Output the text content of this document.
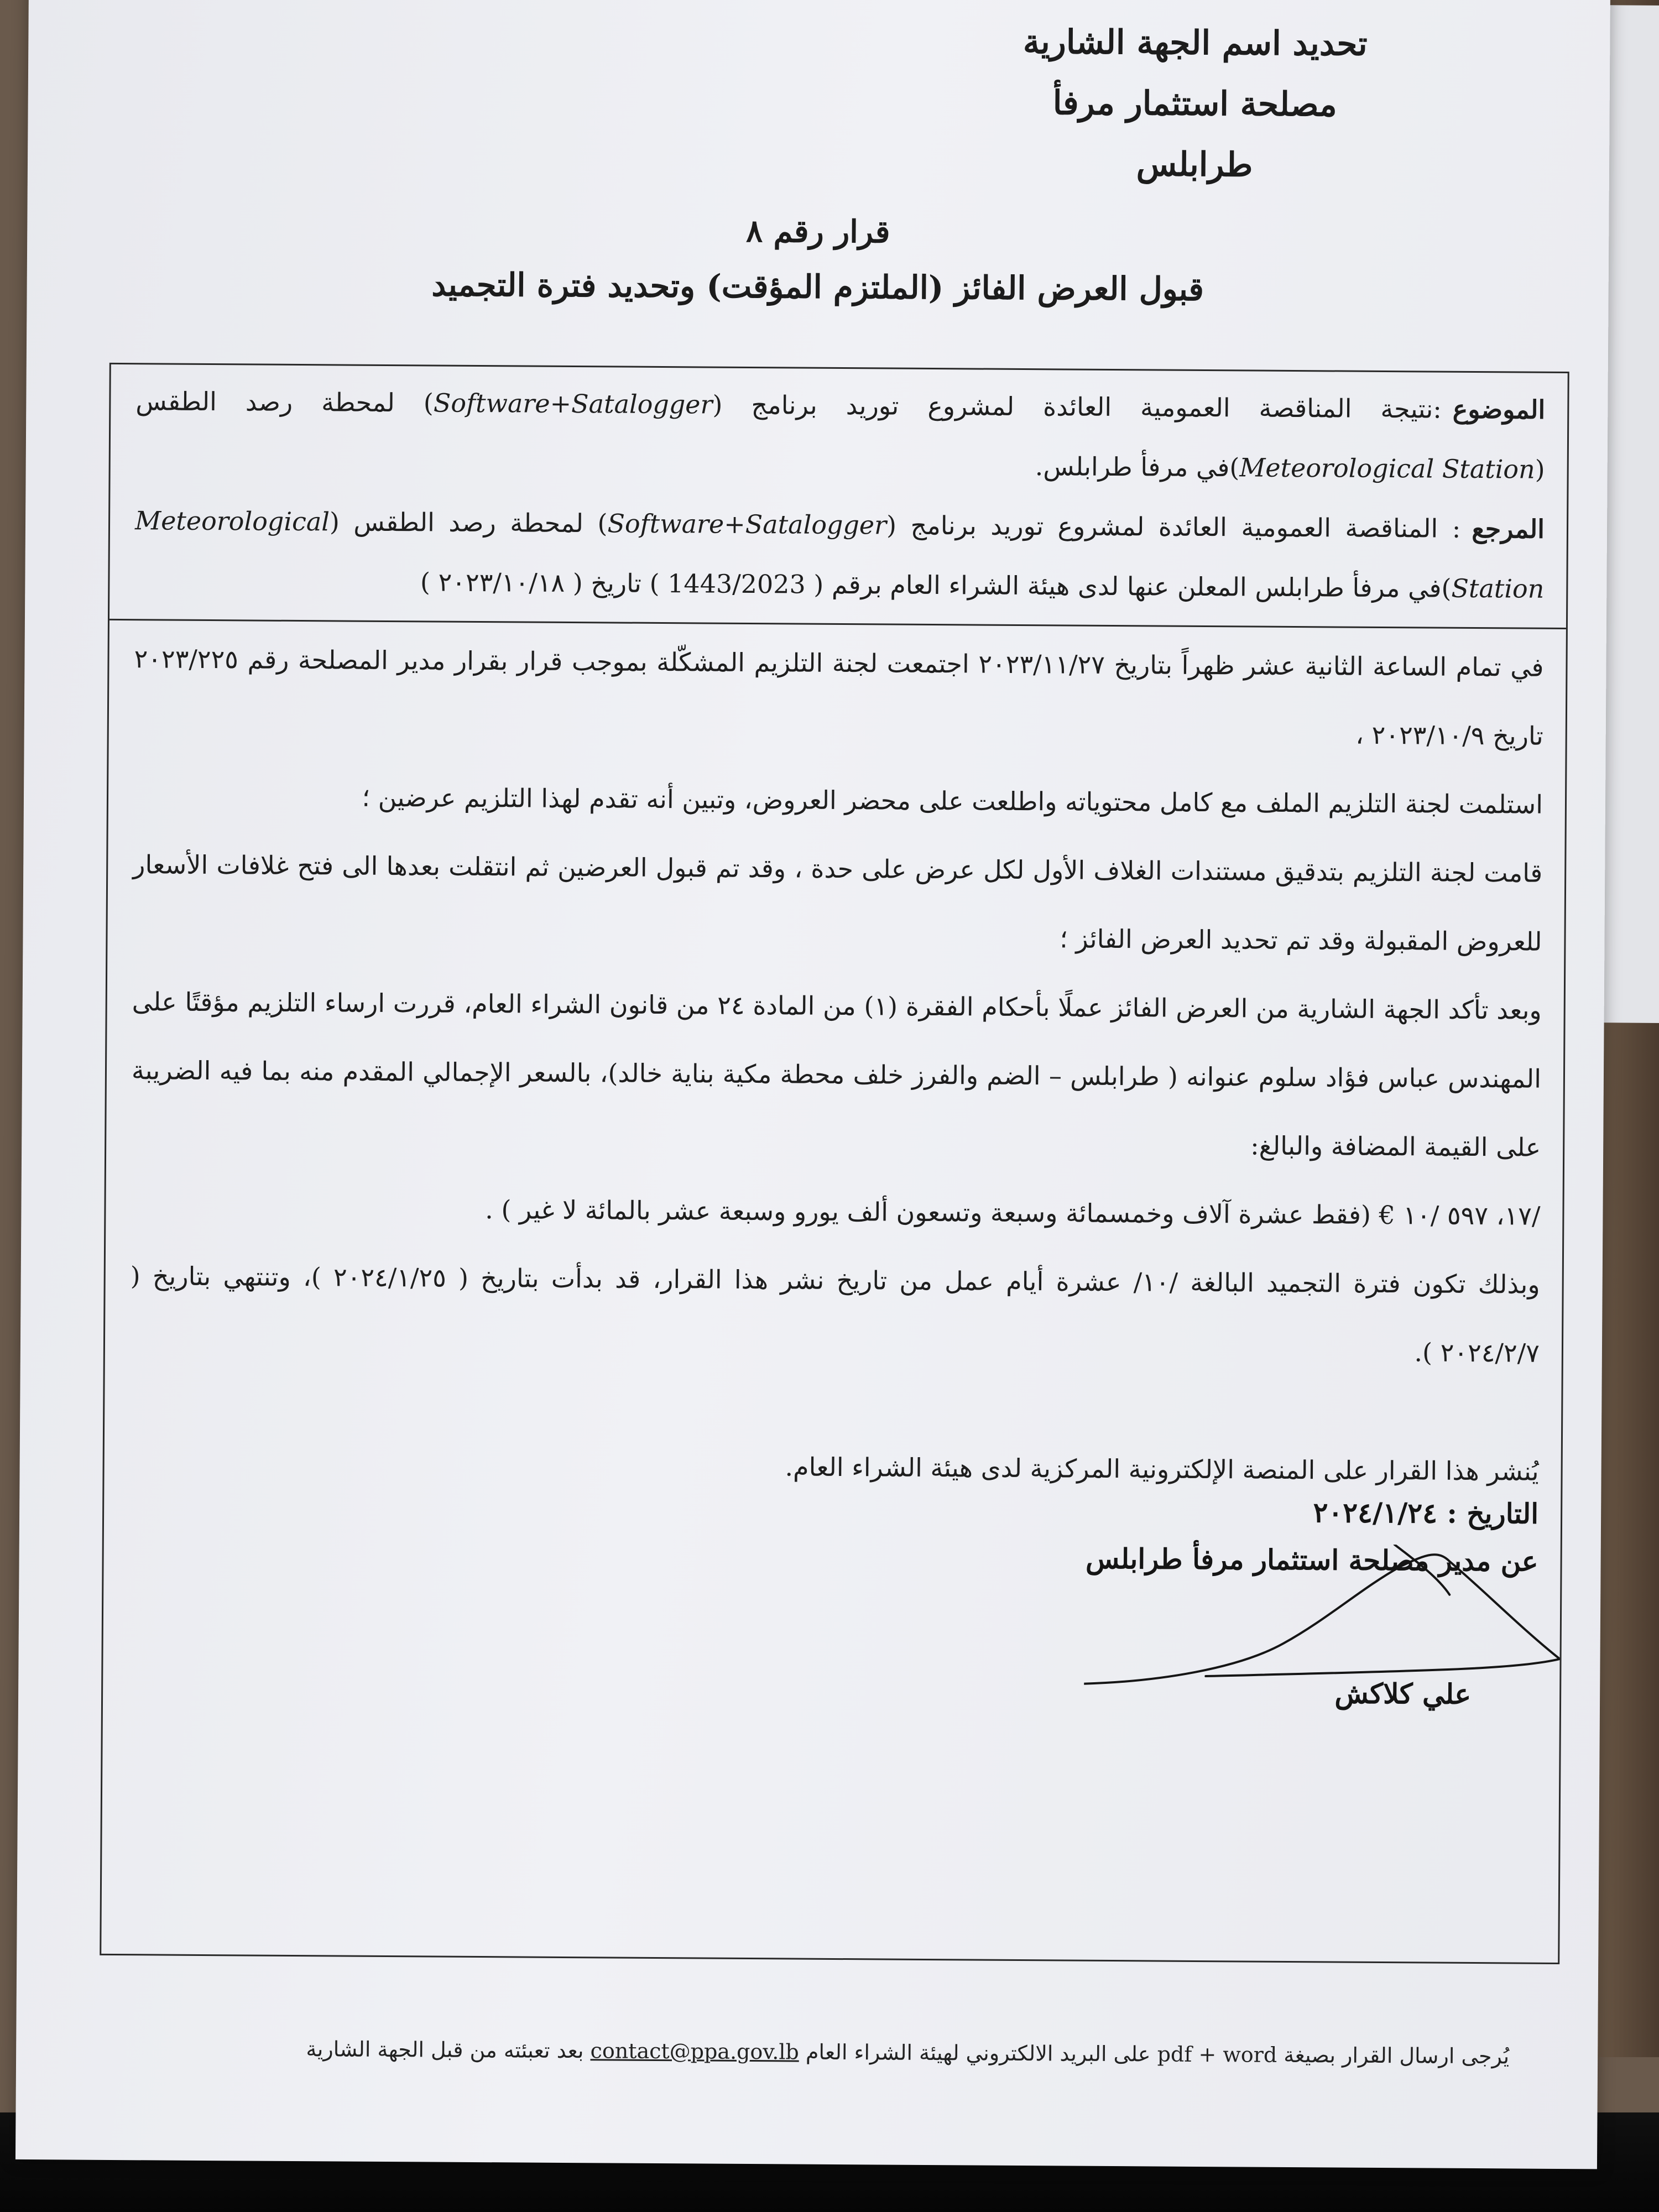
تحديد اسم الجهة الشارية
مصلحة استثمار مرفأ
طرابلس
قرار رقم ٨
قبول العرض الفائز (الملتزم المؤقت) وتحديد فترة التجميد
الموضوع:نتيجة المناقصة العمومية العائدة لمشروع توريد برنامج (Software+Satalogger) لمحطة رصد الطقس (Meteorological Station)في مرفأ طرابلس.
المرجع: المناقصة العمومية العائدة لمشروع توريد برنامج (Software+Satalogger) لمحطة رصد الطقس (Meteorological Station)في مرفأ طرابلس المعلن عنها لدى هيئة الشراء العام برقم ( 1443/2023 ) تاريخ ( ٢٠٢٣/١٠/١٨ )

في تمام الساعة الثانية عشر ظهراً بتاريخ ٢٠٢٣/١١/٢٧ اجتمعت لجنة التلزيم المشكّلة بموجب قرار بقرار مدير المصلحة رقم ٢٠٢٣/٢٢٥ تاريخ ٢٠٢٣/١٠/٩ ،

استلمت لجنة التلزيم الملف مع كامل محتوياته واطلعت على محضر العروض، وتبين أنه تقدم لهذا التلزيم عرضين ؛

قامت لجنة التلزيم بتدقيق مستندات الغلاف الأول لكل عرض على حدة ، وقد تم قبول العرضين ثم انتقلت بعدها الى فتح غلافات الأسعار للعروض المقبولة وقد تم تحديد العرض الفائز ؛

وبعد تأكد الجهة الشارية من العرض الفائز عملًا بأحكام الفقرة (١) من المادة ٢٤ من قانون الشراء العام، قررت ارساء التلزيم مؤقتًا على المهندس عباس فؤاد سلوم عنوانه ( طرابلس – الضم والفرز خلف محطة مكية بناية خالد)، بالسعر الإجمالي المقدم منه بما فيه الضريبة على القيمة المضافة والبالغ:

/١٧، ٥٩٧ /١٠ € (فقط عشرة آلاف وخمسمائة وسبعة وتسعون ألف يورو وسبعة عشر بالمائة لا غير ) .

وبذلك تكون فترة التجميد البالغة /١٠/ عشرة أيام عمل من تاريخ نشر هذا القرار، قد بدأت بتاريخ ( ٢٠٢٤/١/٢٥ )، وتنتهي بتاريخ ( ٢٠٢٤/٢/٧ ).

يُنشر هذا القرار على المنصة الإلكترونية المركزية لدى هيئة الشراء العام.

التاريخ : ٢٠٢٤/١/٢٤
عن مدير مصلحة استثمار مرفأ طرابلس
علي كلاكش
يُرجى ارسال القرار بصيغة pdf + word على البريد الالكتروني لهيئة الشراء العام contact@ppa.gov.lb بعد تعبئته من قبل الجهة الشارية
